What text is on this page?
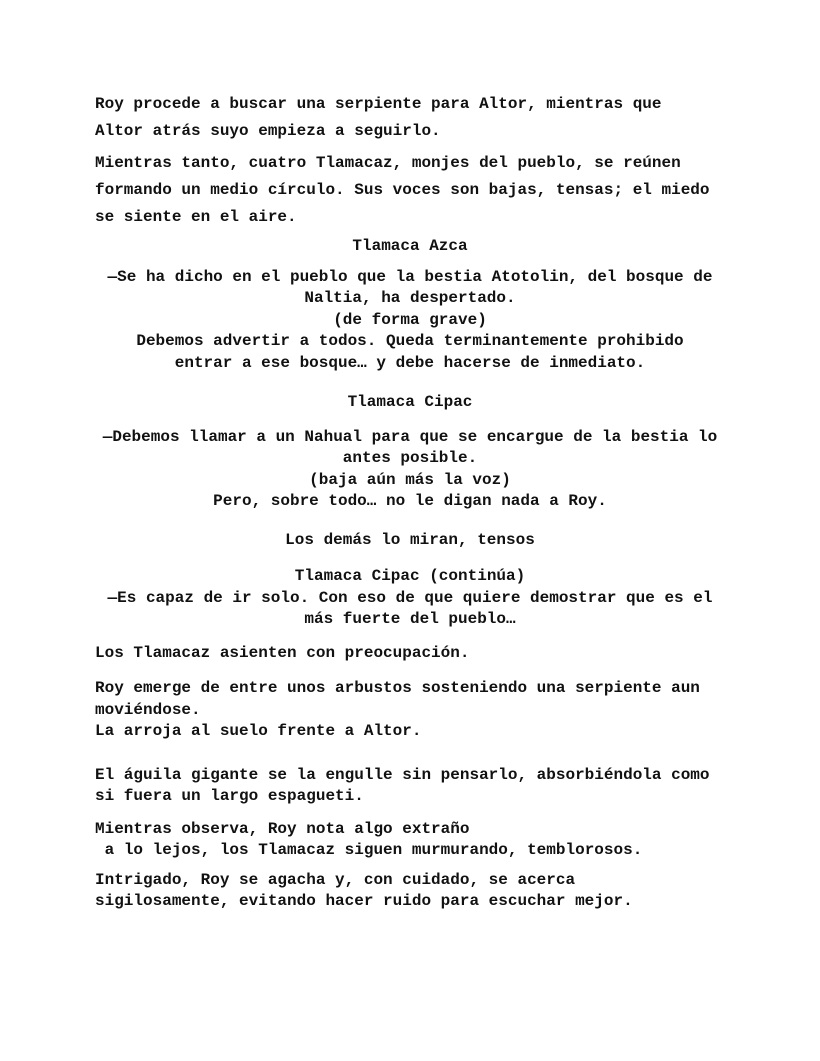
Roy procede a buscar una serpiente para Altor, mientras que
Altor atrás suyo empieza a seguirlo.
Mientras tanto, cuatro Tlamacaz, monjes del pueblo, se reúnen
formando un medio círculo. Sus voces son bajas, tensas; el miedo
se siente en el aire.
Tlamaca Azca
—Se ha dicho en el pueblo que la bestia Atotolin, del bosque de
Naltia, ha despertado.
(de forma grave)
Debemos advertir a todos. Queda terminantemente prohibido
entrar a ese bosque… y debe hacerse de inmediato.
Tlamaca Cipac
—Debemos llamar a un Nahual para que se encargue de la bestia lo
antes posible.
(baja aún más la voz)
Pero, sobre todo… no le digan nada a Roy.
Los demás lo miran, tensos
Tlamaca Cipac (continúa)
—Es capaz de ir solo. Con eso de que quiere demostrar que es el
más fuerte del pueblo…
Los Tlamacaz asienten con preocupación.
Roy emerge de entre unos arbustos sosteniendo una serpiente aun
moviéndose.
La arroja al suelo frente a Altor.
El águila gigante se la engulle sin pensarlo, absorbiéndola como
si fuera un largo espagueti.
Mientras observa, Roy nota algo extraño
a lo lejos, los Tlamacaz siguen murmurando, temblorosos.
Intrigado, Roy se agacha y, con cuidado, se acerca
sigilosamente, evitando hacer ruido para escuchar mejor.
